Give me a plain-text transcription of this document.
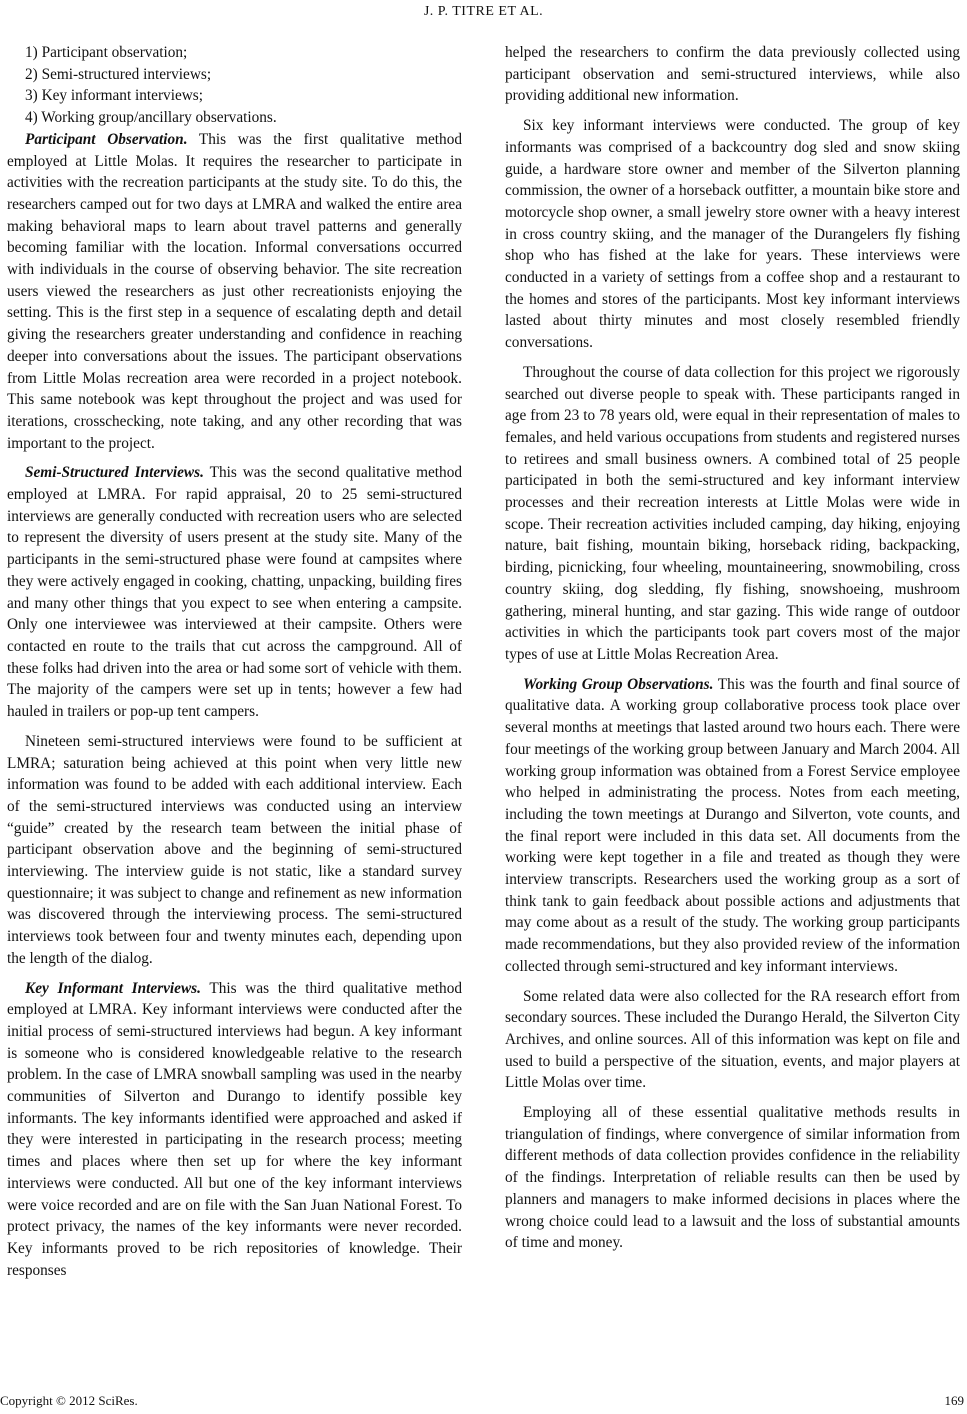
J. P. TITRE ET AL.

1) Participant observation;

2) Semi-structured interviews;

3) Key informant interviews;

4) Working group/ancillary observations.

Participant Observation. This was the first qualitative method employed at Little Molas. It requires the researcher to participate in activities with the recreation participants at the study site. To do this, the researchers camped out for two days at LMRA and walked the entire area making behavioral maps to learn about travel patterns and generally becoming familiar with the location. Informal conversations occurred with individuals in the course of observing behavior. The site recreation users viewed the researchers as just other recreationists enjoying the setting. This is the first step in a sequence of escalating depth and detail giving the researchers greater understanding and confidence in reaching deeper into conversations about the issues. The participant observations from Little Molas recreation area were recorded in a project notebook. This same notebook was kept throughout the project and was used for iterations, crosschecking, note taking, and any other recording that was important to the project.

Semi-Structured Interviews. This was the second qualitative method employed at LMRA. For rapid appraisal, 20 to 25 semi-structured interviews are generally conducted with recreation users who are selected to represent the diversity of users present at the study site. Many of the participants in the semi-structured phase were found at campsites where they were actively engaged in cooking, chatting, unpacking, building fires and many other things that you expect to see when entering a campsite. Only one interviewee was interviewed at their campsite. Others were contacted en route to the trails that cut across the campground. All of these folks had driven into the area or had some sort of vehicle with them. The majority of the campers were set up in tents; however a few had hauled in trailers or pop-up tent campers.

Nineteen semi-structured interviews were found to be sufficient at LMRA; saturation being achieved at this point when very little new information was found to be added with each additional interview. Each of the semi-structured interviews was conducted using an interview “guide” created by the research team between the initial phase of participant observation above and the beginning of semi-structured interviewing. The interview guide is not static, like a standard survey questionnaire; it was subject to change and refinement as new information was discovered through the interviewing process. The semi-structured interviews took between four and twenty minutes each, depending upon the length of the dialog.

Key Informant Interviews. This was the third qualitative method employed at LMRA. Key informant interviews were conducted after the initial process of semi-structured interviews had begun. A key informant is someone who is considered knowledgeable relative to the research problem. In the case of LMRA snowball sampling was used in the nearby communities of Silverton and Durango to identify possible key informants. The key informants identified were approached and asked if they were interested in participating in the research process; meeting times and places where then set up for where the key informant interviews were conducted. All but one of the key informant interviews were voice recorded and are on file with the San Juan National Forest. To protect privacy, the names of the key informants were never recorded. Key informants proved to be rich repositories of knowledge. Their responses

helped the researchers to confirm the data previously collected using participant observation and semi-structured interviews, while also providing additional new information.

Six key informant interviews were conducted. The group of key informants was comprised of a backcountry dog sled and snow skiing guide, a hardware store owner and member of the Silverton planning commission, the owner of a horseback outfitter, a mountain bike store and motorcycle shop owner, a small jewelry store owner with a heavy interest in cross country skiing, and the manager of the Durangelers fly fishing shop who has fished at the lake for years. These interviews were conducted in a variety of settings from a coffee shop and a restaurant to the homes and stores of the participants. Most key informant interviews lasted about thirty minutes and most closely resembled friendly conversations.

Throughout the course of data collection for this project we rigorously searched out diverse people to speak with. These participants ranged in age from 23 to 78 years old, were equal in their representation of males to females, and held various occupations from students and registered nurses to retirees and small business owners. A combined total of 25 people participated in both the semi-structured and key informant interview processes and their recreation interests at Little Molas were wide in scope. Their recreation activities included camping, day hiking, enjoying nature, bait fishing, mountain biking, horseback riding, backpacking, birding, picnicking, four wheeling, mountaineering, snowmobiling, cross country skiing, dog sledding, fly fishing, snowshoeing, mushroom gathering, mineral hunting, and star gazing. This wide range of outdoor activities in which the participants took part covers most of the major types of use at Little Molas Recreation Area.

Working Group Observations. This was the fourth and final source of qualitative data. A working group collaborative process took place over several months at meetings that lasted around two hours each. There were four meetings of the working group between January and March 2004. All working group information was obtained from a Forest Service employee who helped in administrating the process. Notes from each meeting, including the town meetings at Durango and Silverton, vote counts, and the final report were included in this data set. All documents from the working were kept together in a file and treated as though they were interview transcripts. Researchers used the working group as a sort of think tank to gain feedback about possible actions and adjustments that may come about as a result of the study. The working group participants made recommendations, but they also provided review of the information collected through semi-structured and key informant interviews.

Some related data were also collected for the RA research effort from secondary sources. These included the Durango Herald, the Silverton City Archives, and online sources. All of this information was kept on file and used to build a perspective of the situation, events, and major players at Little Molas over time.

Employing all of these essential qualitative methods results in triangulation of findings, where convergence of similar information from different methods of data collection provides confidence in the reliability of the findings. Interpretation of reliable results can then be used by planners and managers to make informed decisions in places where the wrong choice could lead to a lawsuit and the loss of substantial amounts of time and money.

Copyright © 2012 SciRes.	169
